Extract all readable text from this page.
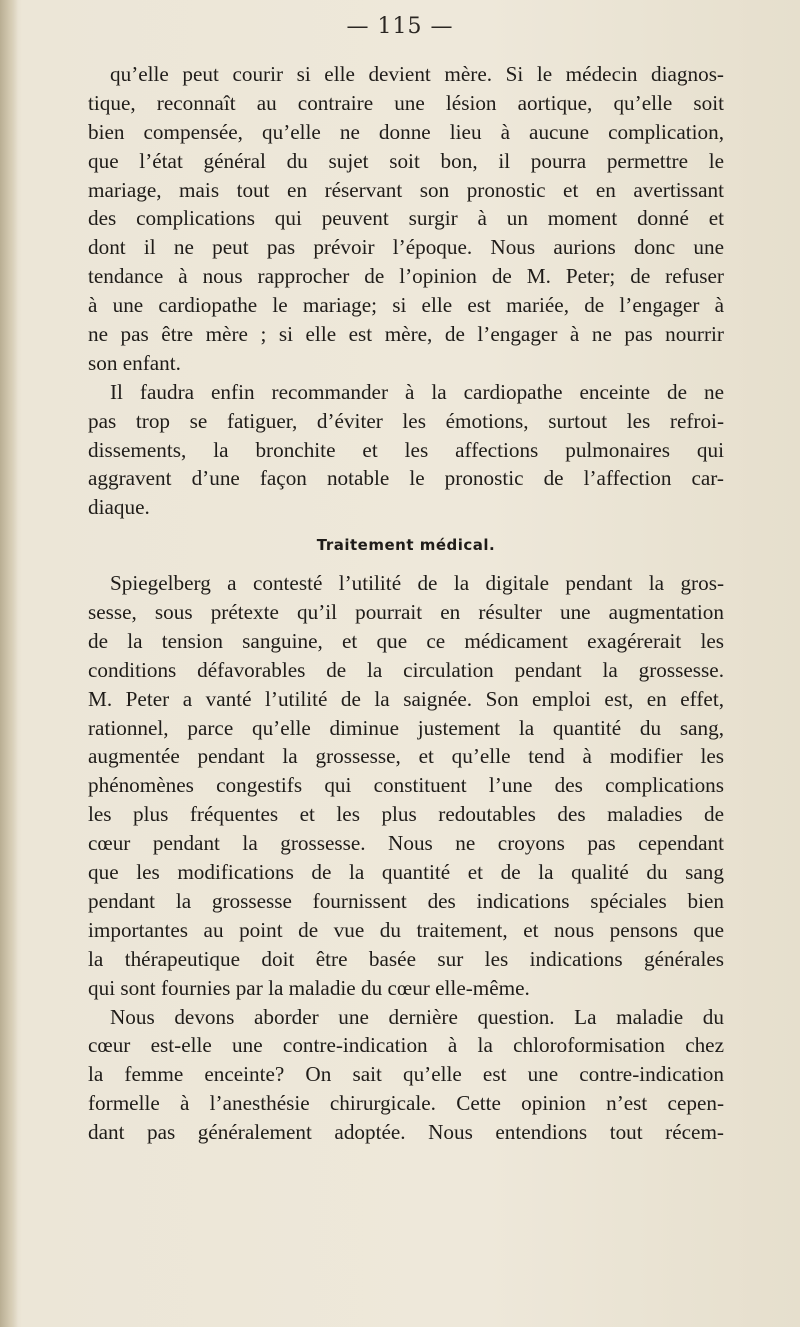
— 115 —
qu’elle peut courir si elle devient mère. Si le médecin diagnos-
tique, reconnaît au contraire une lésion aortique, qu’elle soit
bien compensée, qu’elle ne donne lieu à aucune complication,
que l’état général du sujet soit bon, il pourra permettre le
mariage, mais tout en réservant son pronostic et en avertissant
des complications qui peuvent surgir à un moment donné et
dont il ne peut pas prévoir l’époque. Nous aurions donc une
tendance à nous rapprocher de l’opinion de M. Peter; de refuser
à une cardiopathe le mariage; si elle est mariée, de l’engager à
ne pas être mère ; si elle est mère, de l’engager à ne pas nourrir
son enfant.
Il faudra enfin recommander à la cardiopathe enceinte de ne
pas trop se fatiguer, d’éviter les émotions, surtout les refroi-
dissements, la bronchite et les affections pulmonaires qui
aggravent d’une façon notable le pronostic de l’affection car-
diaque.
Traitement médical.
Spiegelberg a contesté l’utilité de la digitale pendant la gros-
sesse, sous prétexte qu’il pourrait en résulter une augmentation
de la tension sanguine, et que ce médicament exagérerait les
conditions défavorables de la circulation pendant la grossesse.
M. Peter a vanté l’utilité de la saignée. Son emploi est, en effet,
rationnel, parce qu’elle diminue justement la quantité du sang,
augmentée pendant la grossesse, et qu’elle tend à modifier les
phénomènes congestifs qui constituent l’une des complications
les plus fréquentes et les plus redoutables des maladies de
cœur pendant la grossesse. Nous ne croyons pas cependant
que les modifications de la quantité et de la qualité du sang
pendant la grossesse fournissent des indications spéciales bien
importantes au point de vue du traitement, et nous pensons que
la thérapeutique doit être basée sur les indications générales
qui sont fournies par la maladie du cœur elle-même.
Nous devons aborder une dernière question. La maladie du
cœur est-elle une contre-indication à la chloroformisation chez
la femme enceinte? On sait qu’elle est une contre-indication
formelle à l’anesthésie chirurgicale. Cette opinion n’est cepen-
dant pas généralement adoptée. Nous entendions tout récem-
